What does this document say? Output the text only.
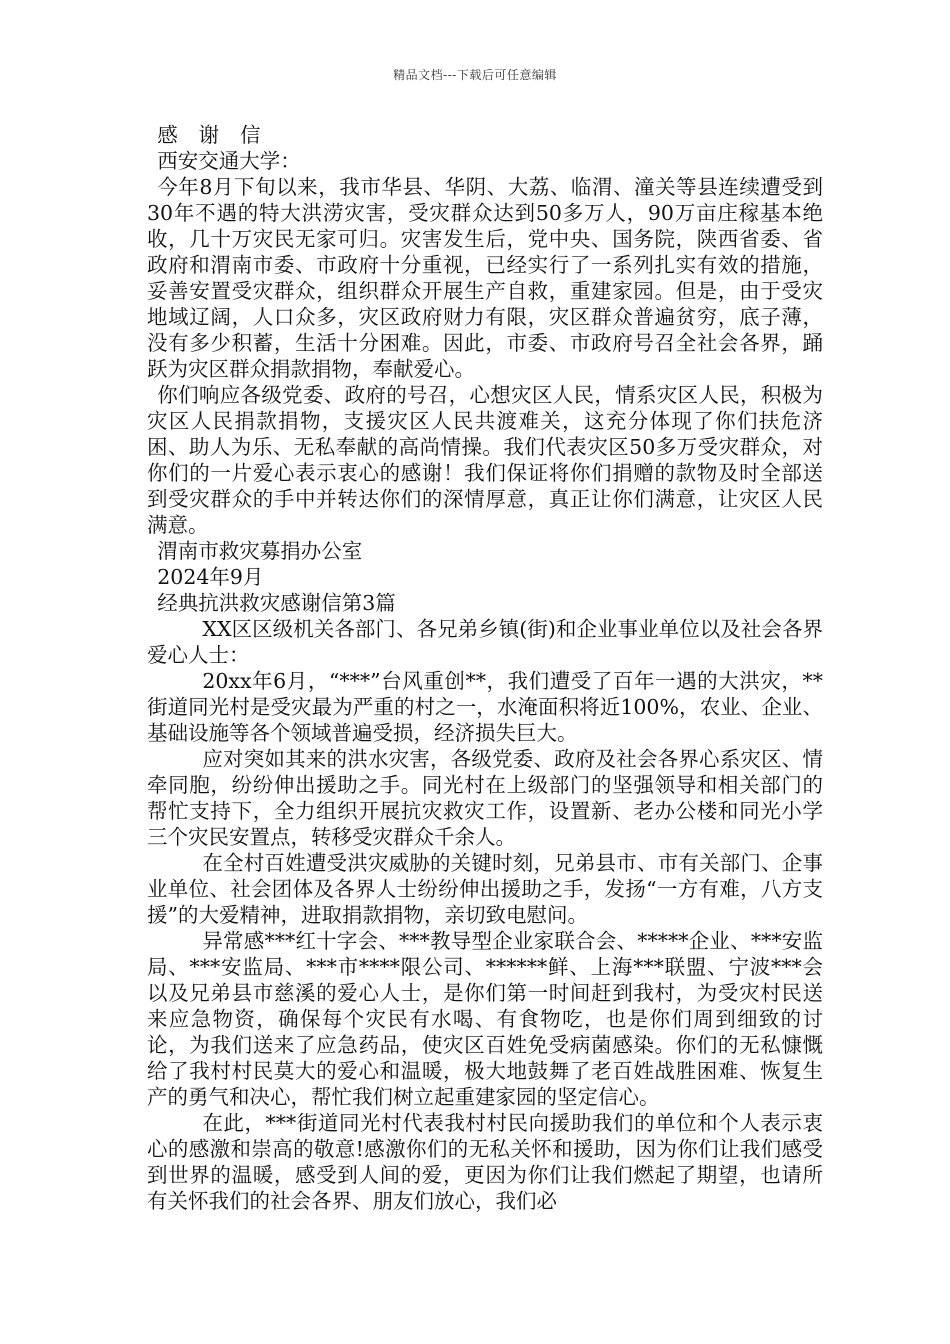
精品文档---下载后可任意编辑

感 谢 信

西安交通大学：

今年8月下旬以来，我市华县、华阴、大荔、临渭、潼关等县连续遭受到30年不遇的特大洪涝灾害，受灾群众达到50多万人，90万亩庄稼基本绝收，几十万灾民无家可归。灾害发生后，党中央、国务院，陕西省委、省政府和渭南市委、市政府十分重视，已经实行了一系列扎实有效的措施，妥善安置受灾群众，组织群众开展生产自救，重建家园。但是，由于受灾地域辽阔，人口众多，灾区政府财力有限，灾区群众普遍贫穷，底子薄，没有多少积蓄，生活十分困难。因此，市委、市政府号召全社会各界，踊跃为灾区群众捐款捐物，奉献爱心。

你们响应各级党委、政府的号召，心想灾区人民，情系灾区人民，积极为灾区人民捐款捐物，支援灾区人民共渡难关，这充分体现了你们扶危济困、助人为乐、无私奉献的高尚情操。我们代表灾区50多万受灾群众，对你们的一片爱心表示衷心的感谢！我们保证将你们捐赠的款物及时全部送到受灾群众的手中并转达你们的深情厚意，真正让你们满意，让灾区人民满意。

渭南市救灾募捐办公室

2024年9月

经典抗洪救灾感谢信第3篇

XX区区级机关各部门、各兄弟乡镇(街)和企业事业单位以及社会各界爱心人士：

20xx年6月，“***”台风重创**，我们遭受了百年一遇的大洪灾，**街道同光村是受灾最为严重的村之一，水淹面积将近100%，农业、企业、基础设施等各个领域普遍受损，经济损失巨大。

应对突如其来的洪水灾害，各级党委、政府及社会各界心系灾区、情牵同胞，纷纷伸出援助之手。同光村在上级部门的坚强领导和相关部门的帮忙支持下，全力组织开展抗灾救灾工作，设置新、老办公楼和同光小学三个灾民安置点，转移受灾群众千余人。

在全村百姓遭受洪灾威胁的关键时刻，兄弟县市、市有关部门、企事业单位、社会团体及各界人士纷纷伸出援助之手，发扬“一方有难，八方支援”的大爱精神，进取捐款捐物，亲切致电慰问。

异常感***红十字会、***教导型企业家联合会、*****企业、***安监局、***安监局、***市****限公司、******鲜、上海***联盟、宁波***会以及兄弟县市慈溪的爱心人士，是你们第一时间赶到我村，为受灾村民送来应急物资，确保每个灾民有水喝、有食物吃，也是你们周到细致的讨论，为我们送来了应急药品，使灾区百姓免受病菌感染。你们的无私慷慨给了我村村民莫大的爱心和温暖，极大地鼓舞了老百姓战胜困难、恢复生产的勇气和决心，帮忙我们树立起重建家园的坚定信心。

在此，***街道同光村代表我村村民向援助我们的单位和个人表示衷心的感激和崇高的敬意!感激你们的无私关怀和援助，因为你们让我们感受到世界的温暖，感受到人间的爱，更因为你们让我们燃起了期望，也请所有关怀我们的社会各界、朋友们放心，我们必
